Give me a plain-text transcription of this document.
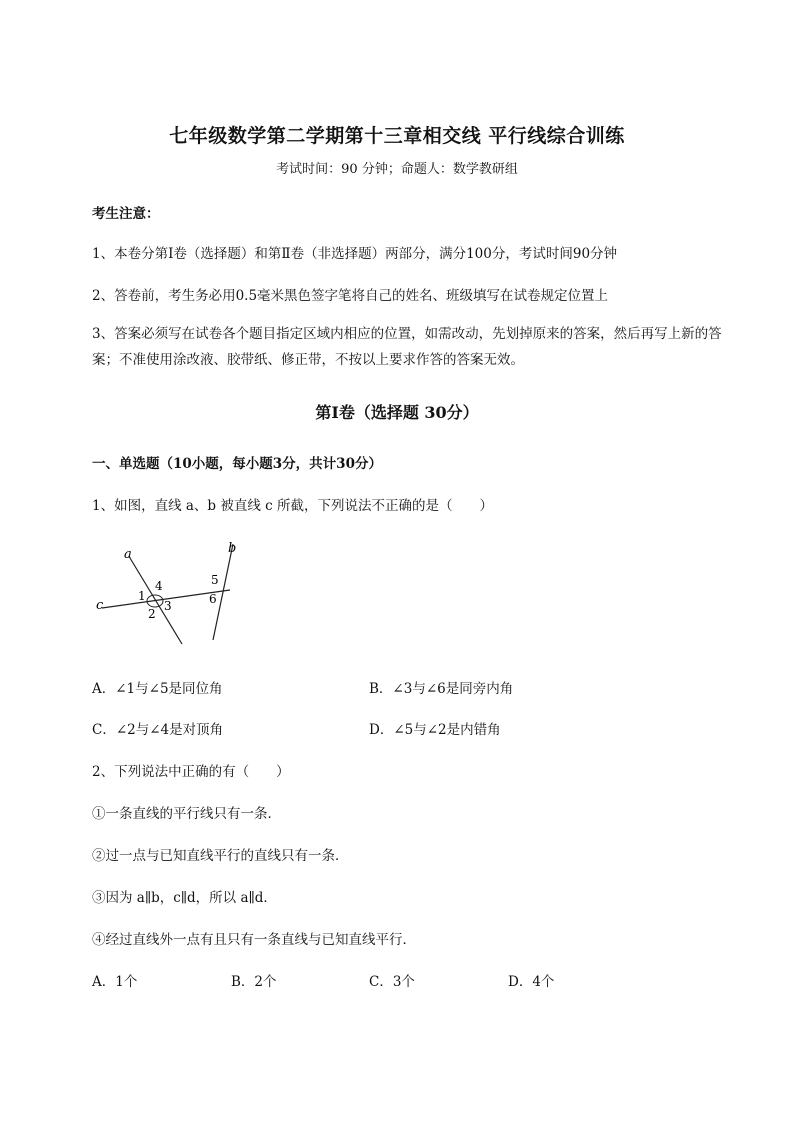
七年级数学第二学期第十三章相交线 平行线综合训练
考试时间：90 分钟；命题人：数学教研组
考生注意：
1、本卷分第Ⅰ卷（选择题）和第Ⅱ卷（非选择题）两部分，满分100分，考试时间90分钟
2、答卷前，考生务必用0.5毫米黑色签字笔将自己的姓名、班级填写在试卷规定位置上
3、答案必须写在试卷各个题目指定区域内相应的位置，如需改动，先划掉原来的答案，然后再写上新的答案；不准使用涂改液、胶带纸、修正带，不按以上要求作答的答案无效。
第Ⅰ卷（选择题 30分）
一、单选题（10小题，每小题3分，共计30分）
1、如图，直线 a、b 被直线 c 所截，下列说法不正确的是（　　）
a	b
c
1
2
3
4	5
6
A．∠1与∠5是同位角	B．∠3与∠6是同旁内角
C．∠2与∠4是对顶角	D．∠5与∠2是内错角
2、下列说法中正确的有（　　）
①一条直线的平行线只有一条．
②过一点与已知直线平行的直线只有一条．
③因为 a∥b，c∥d，所以 a∥d．
④经过直线外一点有且只有一条直线与已知直线平行．
A．1个	B．2个	C．3个	D．4个
